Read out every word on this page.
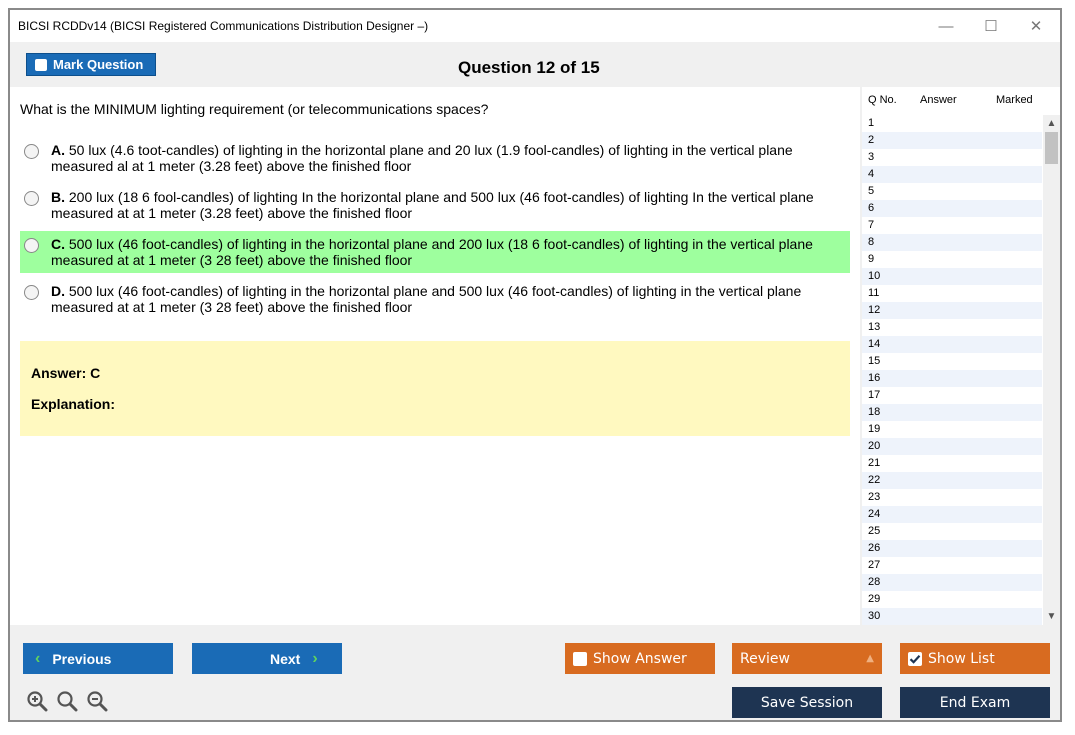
BICSI RCDDv14 (BICSI Registered Communications Distribution Designer –)	—	☐	✕
Mark Question	Question 12 of 15
What is the MINIMUM lighting requirement (or telecommunications spaces?
A. 50 lux (4.6 toot-candles) of lighting in the horizontal plane and 20 lux (1.9 fool-candles) of lighting in the vertical plane measured al at 1 meter (3.28 feet) above the finished floor
B. 200 lux (18 6 fool-candles) of lighting In the horizontal plane and 500 lux (46 foot-candles) of lighting In the vertical plane measured at at 1 meter (3.28 feet) above the finished floor
C. 500 lux (46 foot-candles) of lighting in the horizontal plane and 200 lux (18 6 foot-candles) of lighting in the vertical plane measured at at 1 meter (3 28 feet) above the finished floor
D. 500 lux (46 foot-candles) of lighting in the horizontal plane and 500 lux (46 foot-candles) of lighting in the vertical plane measured at at 1 meter (3 28 feet) above the finished floor
Answer: C
Explanation:
Q No. Answer	Marked
1
2
3
4
5
6
7
8
9
10
11
12
13
14
15
16
17
18
19
20
21
22
23
24
25
26
27
28
29
30
▲
▼
‹ Previous	Next ›	Show Answer	Review	▲	Show List
Save Session	End Exam
